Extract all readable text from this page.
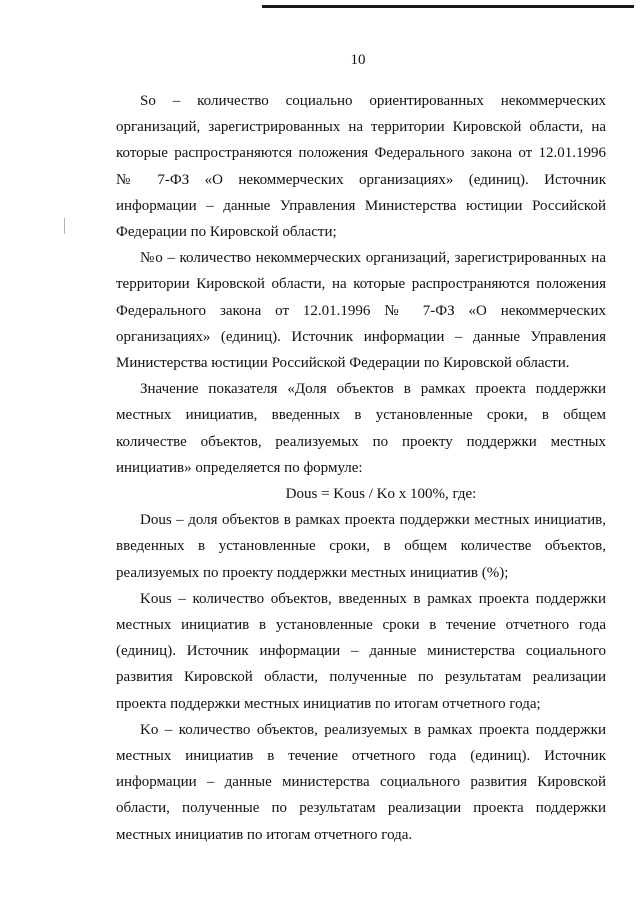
10

So – количество социально ориентированных некоммерческих организаций, зарегистрированных на территории Кировской области, на которые распространяются положения Федерального закона от 12.01.1996 № 7-ФЗ «О некоммерческих организациях» (единиц). Источник информации – данные Управления Министерства юстиции Российской Федерации по Кировской области;

№о – количество некоммерческих организаций, зарегистрированных на территории Кировской области, на которые распространяются положения Федерального закона от 12.01.1996 № 7-ФЗ «О некоммерческих организациях» (единиц). Источник информации – данные Управления Министерства юстиции Российской Федерации по Кировской области.

Значение показателя «Доля объектов в рамках проекта поддержки местных инициатив, введенных в установленные сроки, в общем количестве объектов, реализуемых по проекту поддержки местных инициатив» определяется по формуле:

Dous = Kous / Ko x 100%, где:

Dous – доля объектов в рамках проекта поддержки местных инициатив, введенных в установленные сроки, в общем количестве объектов, реализуемых по проекту поддержки местных инициатив (%);

Kous – количество объектов, введенных в рамках проекта поддержки местных инициатив в установленные сроки в течение отчетного года (единиц). Источник информации – данные министерства социального развития Кировской области, полученные по результатам реализации проекта поддержки местных инициатив по итогам отчетного года;

Ko – количество объектов, реализуемых в рамках проекта поддержки местных инициатив в течение отчетного года (единиц). Источник информации – данные министерства социального развития Кировской области, полученные по результатам реализации проекта поддержки местных инициатив по итогам отчетного года.
